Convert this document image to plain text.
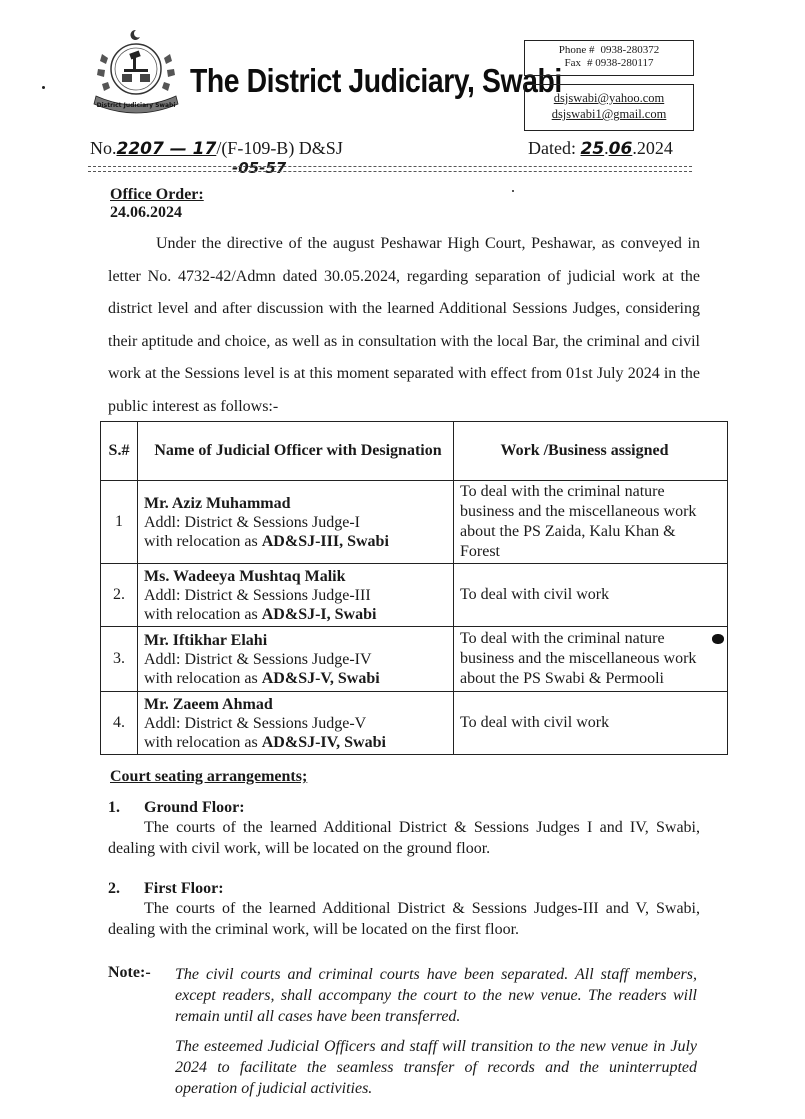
District Judiciary Swabi
The District Judiciary, Swabi
Phone # 0938-280372
Fax # 0938-280117
dsjswabi@yahoo.com
dsjswabi1@gmail.com
No.2207 — 17/(F-109-B) D&SJ
-05-57
Dated: 25.06.2024
Office Order:
24.06.2024
Under the directive of the august Peshawar High Court, Peshawar, as conveyed in letter No. 4732-42/Admn dated 30.05.2024, regarding separation of judicial work at the district level and after discussion with the learned Additional Sessions Judges, considering their aptitude and choice, as well as in consultation with the local Bar, the criminal and civil work at the Sessions level is at this moment separated with effect from 01st July 2024 in the public interest as follows:-
S.#	Name of Judicial Officer with Designation	Work /Business assigned
1	Mr. Aziz Muhammad
Addl: District & Sessions Judge-I
with relocation as AD&SJ-III, Swabi	To deal with the criminal nature business and the miscellaneous work about the PS Zaida, Kalu Khan & Forest
2.	Ms. Wadeeya Mushtaq Malik
Addl: District & Sessions Judge-III
with relocation as AD&SJ-I, Swabi	To deal with civil work
3.	Mr. Iftikhar Elahi
Addl: District & Sessions Judge-IV
with relocation as AD&SJ-V, Swabi	To deal with the criminal nature business and the miscellaneous work about the PS Swabi & Permooli
4.	Mr. Zaeem Ahmad
Addl: District & Sessions Judge-V
with relocation as AD&SJ-IV, Swabi	To deal with civil work
Court seating arrangements;
1. Ground Floor:
The courts of the learned Additional District & Sessions Judges I and IV, Swabi, dealing with civil work, will be located on the ground floor.
2. First Floor:
The courts of the learned Additional District & Sessions Judges-III and V, Swabi, dealing with the criminal work, will be located on the first floor.
Note:- The civil courts and criminal courts have been separated. All staff members, except readers, shall accompany the court to the new venue. The readers will remain until all cases have been transferred.

The esteemed Judicial Officers and staff will transition to the new venue in July 2024 to facilitate the seamless transfer of records and the uninterrupted operation of judicial activities.
